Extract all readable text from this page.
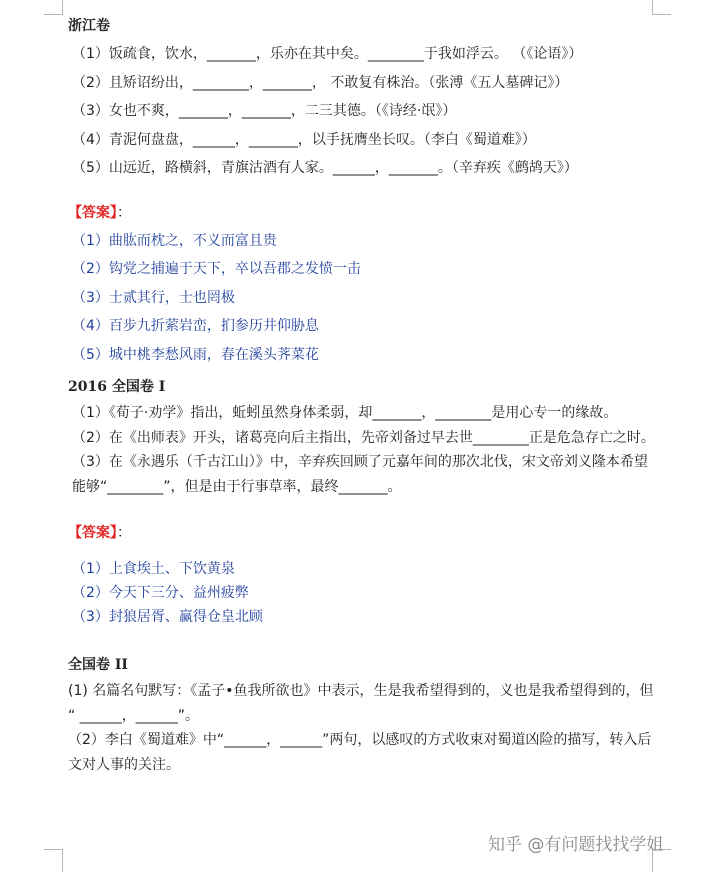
浙江卷
（1）饭疏食，饮水，_______，乐亦在其中矣。________于我如浮云。 （《论语》）
（2）且矫诏纷出，________，_______， 不敢复有株治。（张溥《五人墓碑记》）
（3）女也不爽，_______，_______，二三其德。（《诗经·氓》）
（4）青泥何盘盘，______，_______，以手抚膺坐长叹。（李白《蜀道难》）
（5）山远近，路横斜，青旗沽酒有人家。______，_______。（辛弃疾《鹧鸪天》）
【答案】：
（1）曲肱而枕之，不义而富且贵
（2）钩党之捕遍于天下，卒以吾郡之发愤一击
（3）士贰其行，士也罔极
（4）百步九折萦岩峦，扪参历井仰胁息
（5）城中桃李愁风雨，春在溪头荠菜花
2016 全国卷 I
（1）《荀子·劝学》指出，蚯蚓虽然身体柔弱，却_______，________是用心专一的缘故。
（2）在《出师表》开头，诸葛亮向后主指出，先帝刘备过早去世________正是危急存亡之时。
（3）在《永遇乐（千古江山）》中，辛弃疾回顾了元嘉年间的那次北伐，宋文帝刘义隆本希望能够“________”，但是由于行事草率，最终_______。
【答案】：
（1）上食埃土、下饮黄泉
（2）今天下三分、益州疲弊
（3）封狼居胥、赢得仓皇北顾
全国卷 II
(1) 名篇名句默写：《孟子•鱼我所欲也》中表示，生是我希望得到的，义也是我希望得到的，但 “ ______，______”。
（2）李白《蜀道难》中“______，______”两句，以感叹的方式收束对蜀道凶险的描写，转入后文对人事的关注。
知乎 @有问题找找学姐
